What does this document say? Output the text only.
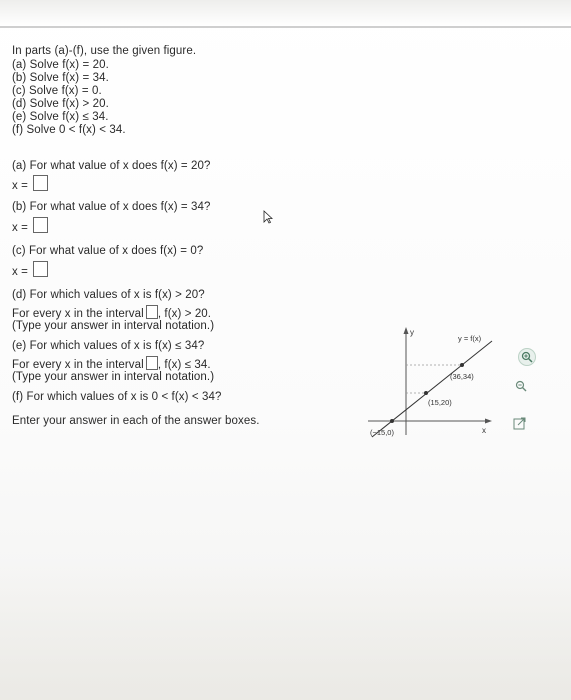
In parts (a)-(f), use the given figure.
(a) Solve f(x) = 20.
(b) Solve f(x) = 34.
(c) Solve f(x) = 0.
(d) Solve f(x) > 20.
(e) Solve f(x) ≤ 34.
(f) Solve 0 < f(x) < 34.
(a) For what value of x does f(x) = 20?
x =
(b) For what value of x does f(x) = 34?
x =
(c) For what value of x does f(x) = 0?
x =
(d) For which values of x is f(x) > 20?
For every x in the interval , f(x) > 20.
(Type your answer in interval notation.)
(e) For which values of x is f(x) ≤ 34?
For every x in the interval , f(x) ≤ 34.
(Type your answer in interval notation.)
(f) For which values of x is 0 < f(x) < 34?
Enter your answer in each of the answer boxes.
y
x
y = f(x)
(36,34)
(15,20)
(−15,0)
